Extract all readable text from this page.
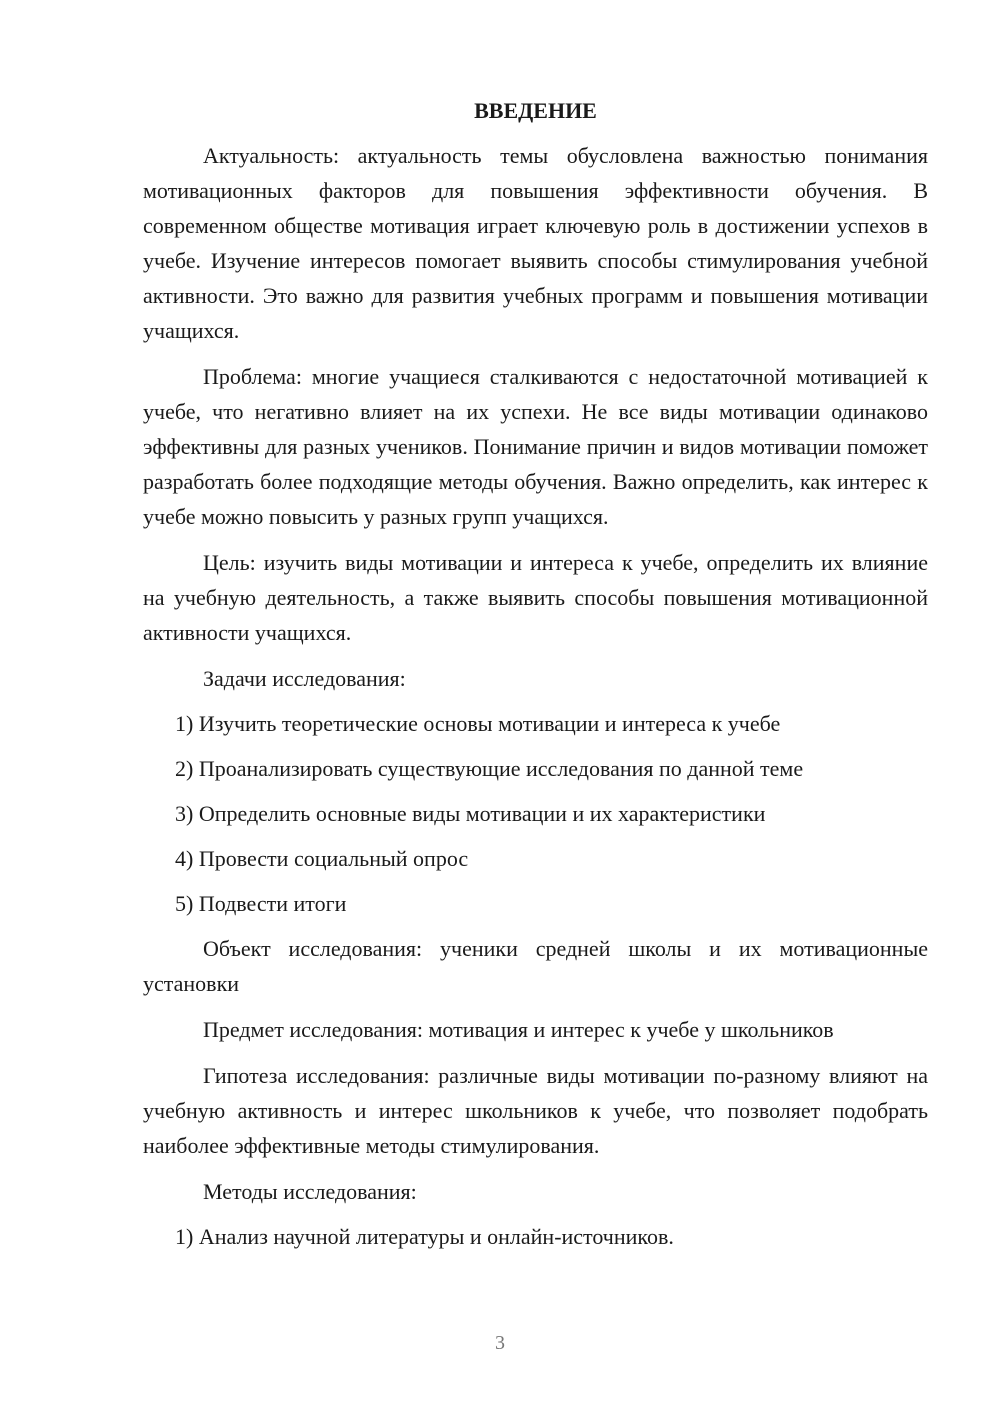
ВВЕДЕНИЕ

Актуальность: актуальность темы обусловлена важностью понимания мотивационных факторов для повышения эффективности обучения. В современном обществе мотивация играет ключевую роль в достижении успехов в учебе. Изучение интересов помогает выявить способы стимулирования учебной активности. Это важно для развития учебных программ и повышения мотивации учащихся.

Проблема: многие учащиеся сталкиваются с недостаточной мотивацией к учебе, что негативно влияет на их успехи. Не все виды мотивации одинаково эффективны для разных учеников. Понимание причин и видов мотивации поможет разработать более подходящие методы обучения. Важно определить, как интерес к учебе можно повысить у разных групп учащихся.

Цель: изучить виды мотивации и интереса к учебе, определить их влияние на учебную деятельность, а также выявить способы повышения мотивационной активности учащихся.

Задачи исследования:
1) Изучить теоретические основы мотивации и интереса к учебе
2) Проанализировать существующие исследования по данной теме
3) Определить основные виды мотивации и их характеристики
4) Провести социальный опрос
5) Подвести итоги

Объект исследования: ученики средней школы и их мотивационные установки

Предмет исследования: мотивация и интерес к учебе у школьников

Гипотеза исследования: различные виды мотивации по-разному влияют на учебную активность и интерес школьников к учебе, что позволяет подобрать наиболее эффективные методы стимулирования.

Методы исследования:
1) Анализ научной литературы и онлайн-источников.
3
